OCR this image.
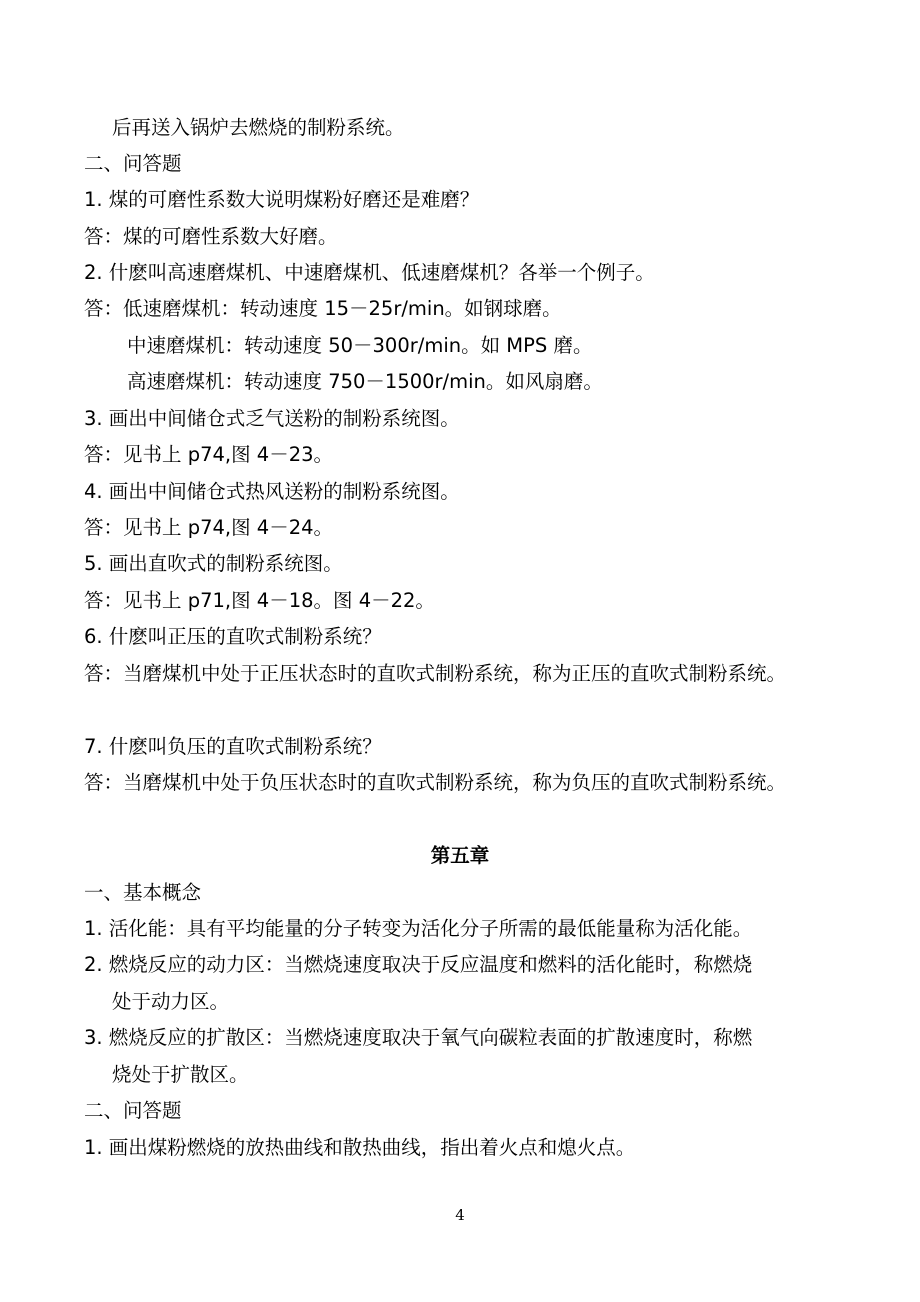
后再送入锅炉去燃烧的制粉系统。
二、问答题
1. 煤的可磨性系数大说明煤粉好磨还是难磨？
答：煤的可磨性系数大好磨。
2. 什麽叫高速磨煤机、中速磨煤机、低速磨煤机？各举一个例子。
答：低速磨煤机：转动速度 15－25r/min。如钢球磨。
中速磨煤机：转动速度 50－300r/min。如 MPS 磨。
高速磨煤机：转动速度 750－1500r/min。如风扇磨。
3. 画出中间储仓式乏气送粉的制粉系统图。
答：见书上 p74,图 4－23。
4. 画出中间储仓式热风送粉的制粉系统图。
答：见书上 p74,图 4－24。
5. 画出直吹式的制粉系统图。
答：见书上 p71,图 4－18。图 4－22。
6. 什麽叫正压的直吹式制粉系统？
答：当磨煤机中处于正压状态时的直吹式制粉系统，称为正压的直吹式制粉系统。
7. 什麽叫负压的直吹式制粉系统？
答：当磨煤机中处于负压状态时的直吹式制粉系统，称为负压的直吹式制粉系统。
第五章
一、基本概念
1. 活化能：具有平均能量的分子转变为活化分子所需的最低能量称为活化能。
2. 燃烧反应的动力区：当燃烧速度取决于反应温度和燃料的活化能时，称燃烧
处于动力区。
3. 燃烧反应的扩散区：当燃烧速度取决于氧气向碳粒表面的扩散速度时，称燃
烧处于扩散区。
二、问答题
1. 画出煤粉燃烧的放热曲线和散热曲线，指出着火点和熄火点。
4
